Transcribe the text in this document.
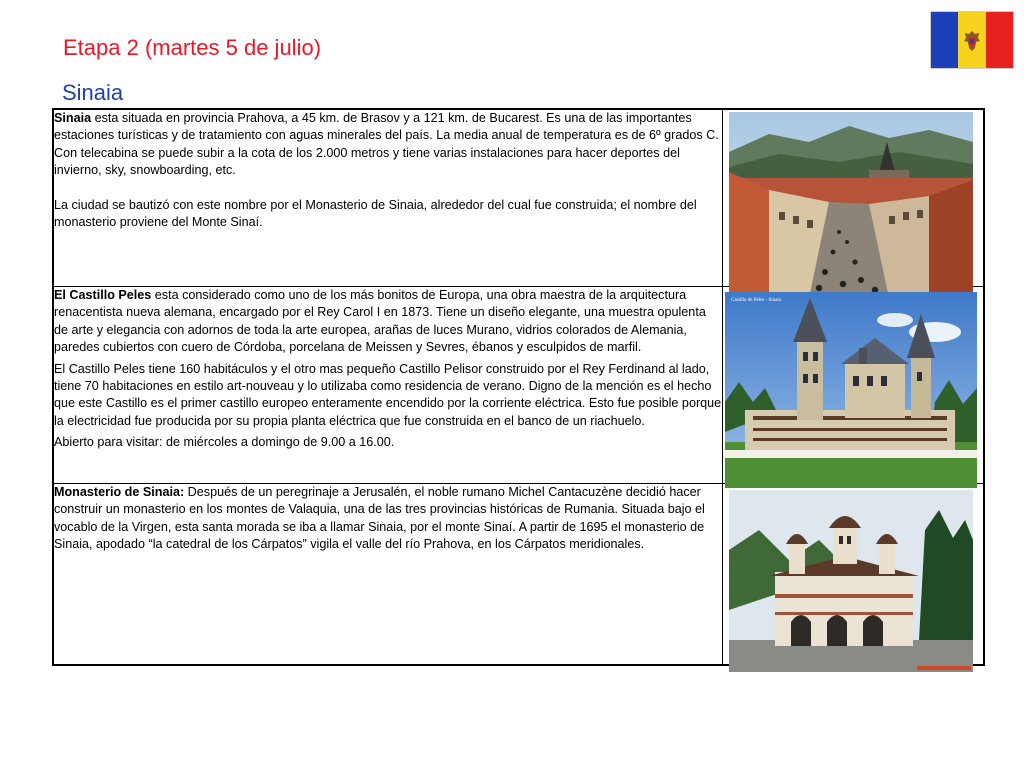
Etapa 2 (martes 5 de julio)
Sinaia

Sinaia esta situada en provincia Prahova, a 45 km. de Brasov y a 121 km. de Bucarest. Es una de las importantes estaciones turísticas y de tratamiento con aguas minerales del país. La media anual de temperatura es de 6º grados C. Con telecabina se puede subir a la cota de los 2.000 metros y tiene varias instalaciones para hacer deportes del invierno, sky, snowboarding, etc.

La ciudad se bautizó con este nombre por el Monasterio de Sinaia, alrededor del cual fue construida; el nombre del monasterio proviene del Monte Sinaí.

El Castillo Peles esta considerado como uno de los más bonitos de Europa, una obra maestra de la arquitectura renacentista nueva alemana, encargado por el Rey Carol I en 1873. Tiene un diseño elegante, una muestra opulenta de arte y elegancia con adornos de toda la arte europea, arañas de luces Murano, vidrios colorados de Alemania, paredes cubiertos con cuero de Córdoba, porcelana de Meissen y Sevres, ébanos y esculpidos de marfil.

El Castillo Peles tiene 160 habitáculos y el otro mas pequeño Castillo Pelisor construido por el Rey Ferdinand al lado, tiene 70 habitaciones en estilo art-nouveau y lo utilizaba como residencia de verano. Digno de la mención es el hecho que este Castillo es el primer castillo europeo enteramente encendido por la corriente eléctrica. Esto fue posible porque la electricidad fue producida por su propia planta eléctrica que fue construida en el banco de un riachuelo.

Abierto para visitar: de miércoles a domingo de 9.00 a 16.00.	Castillo de Peles - Sinaia

Monasterio de Sinaia: Después de un peregrinaje a Jerusalén, el noble rumano Michel Cantacuzène decidió hacer construir un monasterio en los montes de Valaquia, una de las tres provincias históricas de Rumania. Situada bajo el vocablo de la Virgen, esta santa morada se iba a llamar Sinaia, por el monte Sinaí. A partir de 1695 el monasterio de Sinaia, apodado “la catedral de los Cárpatos” vigila el valle del río Prahova, en los Cárpatos meridionales.
